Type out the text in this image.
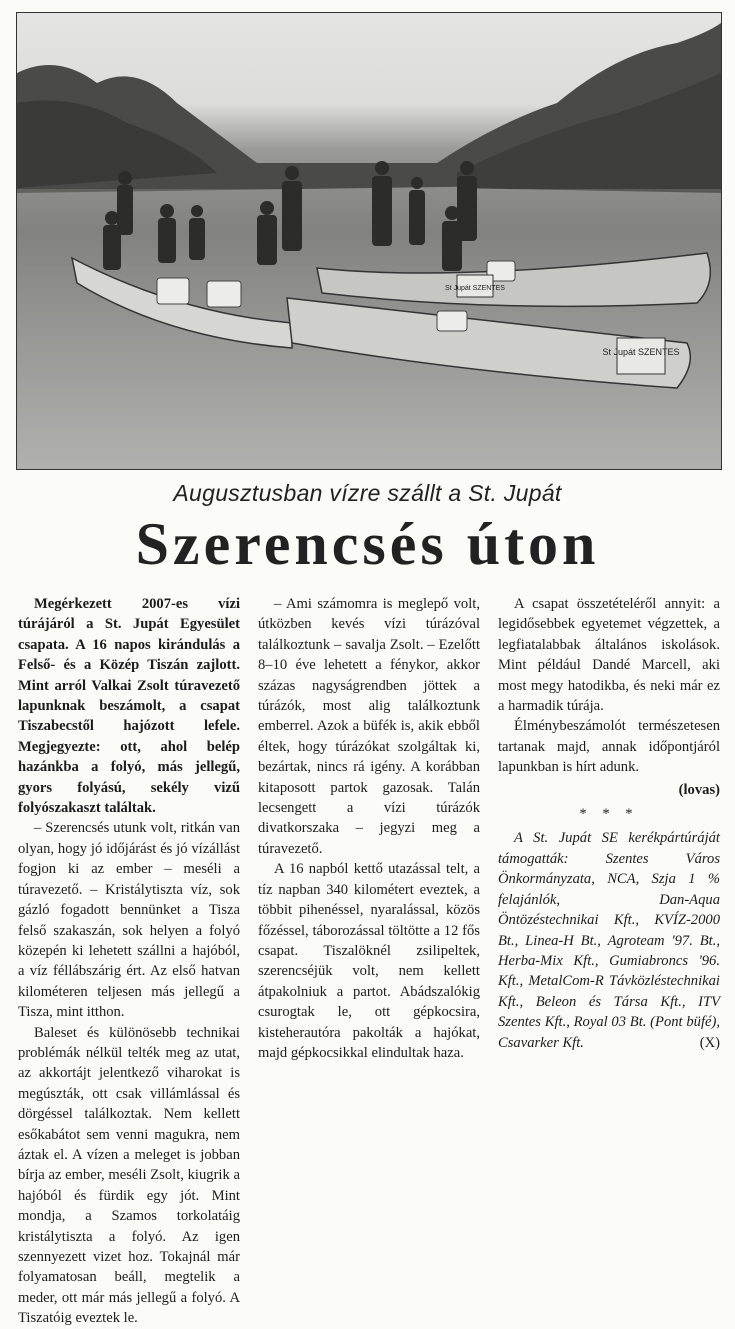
St Jupát SZENTES
St Jupát SZENTES
Augusztusban vízre szállt a St. Jupát
Szerencsés úton

Megérkezett 2007-es vízi túrájáról a St. Jupát Egyesület csapata. A 16 napos kirándulás a Felső- és a Közép Tiszán zajlott. Mint arról Valkai Zsolt túravezető lapunknak beszámolt, a csapat Tiszabecstől hajózott lefele. Megjegyezte: ott, ahol belép hazánkba a folyó, más jellegű, gyors folyású, sekély vizű folyószakaszt találtak.

– Szerencsés utunk volt, ritkán van olyan, hogy jó időjárást és jó vízállást fogjon ki az ember – meséli a túravezető. – Kristálytiszta víz, sok gázló fogadott bennünket a Tisza felső szakaszán, sok helyen a folyó közepén ki lehetett szállni a hajóból, a víz féllábszárig ért. Az első hatvan kilométeren teljesen más jellegű a Tisza, mint itthon.

Baleset és különösebb technikai problémák nélkül telték meg az utat, az akkortájt jelentkező viharokat is megúszták, ott csak villámlással és dörgéssel találkoztak. Nem kellett esőkabátot sem venni magukra, nem áztak el. A vízen a meleget is jobban bírja az ember, meséli Zsolt, kiugrik a hajóból és fürdik egy jót. Mint mondja, a Szamos torkolatáig kristálytiszta a folyó. Az igen szennyezett vizet hoz. Tokajnál már folyamatosan beáll, megtelik a meder, ott már más jellegű a folyó. A Tiszatóig eveztek le.

– Ami számomra is meglepő volt, útközben kevés vízi túrázóval találkoztunk – savalja Zsolt. – Ezelőtt 8–10 éve lehetett a fénykor, akkor százas nagyságrendben jöttek a túrázók, most alig találkoztunk emberrel. Azok a büfék is, akik ebből éltek, hogy túrázókat szolgáltak ki, bezártak, nincs rá igény. A korábban kitaposott partok gazosak. Talán lecsengett a vízi túrázók divatkorszaka – jegyzi meg a túravezető.

A 16 napból kettő utazással telt, a tíz napban 340 kilométert eveztek, a többit pihenéssel, nyaralással, közös főzéssel, táborozással töltötte a 12 fős csapat. Tiszalöknél zsilipeltek, szerencséjük volt, nem kellett átpakolniuk a partot. Abádszalókig csurogtak le, ott gépkocsira, kisteherautóra pakolták a hajókat, majd gépkocsikkal elindultak haza.

A csapat összetételéről annyit: a legidősebbek egyetemet végzettek, a legfiatalabbak általános iskolások. Mint például Dandé Marcell, aki most megy hatodikba, és neki már ez a harmadik túrája.

Élménybeszámolót természetesen tartanak majd, annak időpontjáról lapunkban is hírt adunk.

(lovas)

* * *

A St. Jupát SE kerékpártúráját támogatták: Szentes Város Önkormányzata, NCA, Szja 1 % felajánlók, Dan-Aqua Öntözéstechnikai Kft., KVÍZ-2000 Bt., Linea-H Bt., Agroteam '97. Bt., Herba-Mix Kft., Gumiabroncs '96. Kft., MetalCom-R Távközléstechnikai Kft., Beleon és Társa Kft., ITV Szentes Kft., Royal 03 Bt. (Pont büfé), Csavarker Kft.	(X)
